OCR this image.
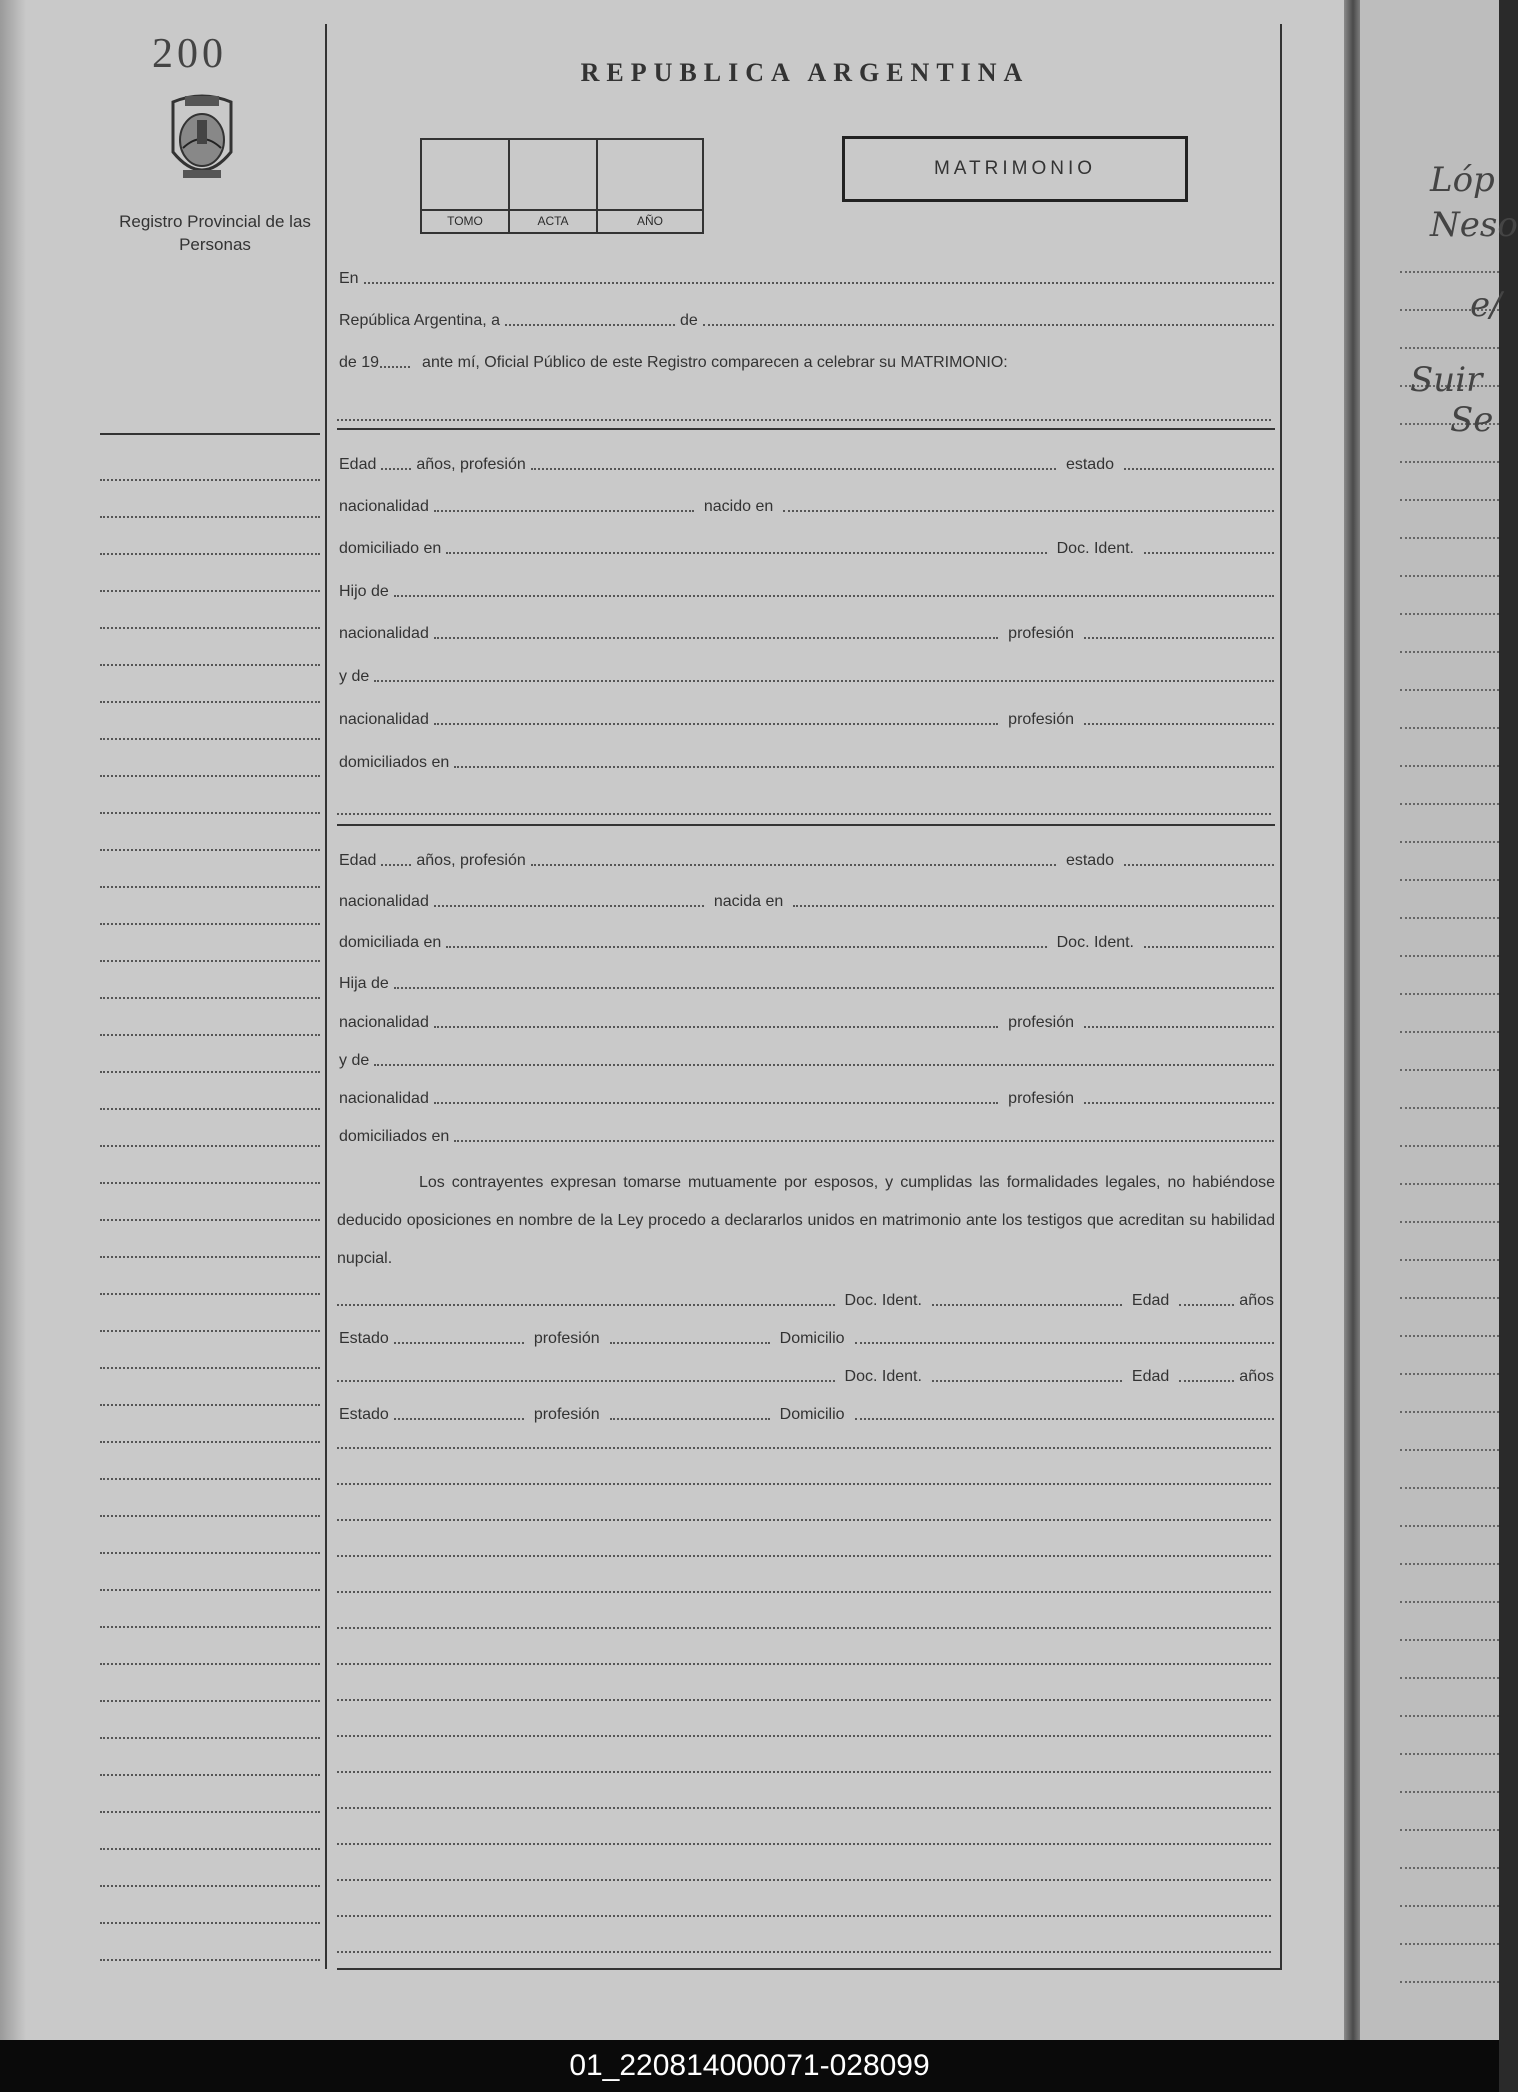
200
Registro Provincial de las Personas
REPUBLICA ARGENTINA
TOMO	ACTA	AÑO
MATRIMONIO
En
República Argentina, a	de
de 19	ante mí, Oficial Público de este Registro comparecen a celebrar su MATRIMONIO:
Edad	años, profesión	estado
nacionalidad	nacido en
domiciliado en	Doc. Ident.
Hijo de
nacionalidad	profesión
y de
nacionalidad	profesión
domiciliados en
Edad	años, profesión	estado
nacionalidad	nacida en
domiciliada en	Doc. Ident.
Hija de
nacionalidad	profesión
y de
nacionalidad	profesión
domiciliados en
Los contrayentes expresan tomarse mutuamente por esposos, y cumplidas las formalidades legales, no habiéndose deducido oposiciones en nombre de la Ley procedo a declararlos unidos en matrimonio ante los testigos que acreditan su habilidad nupcial.
Doc. Ident.	Edad	años
Estado	profesión	Domicilio
Doc. Ident.	Edad	años
Estado	profesión	Domicilio
Lóp
Neso
e/
Suir
Se
01_220814000071-028099
